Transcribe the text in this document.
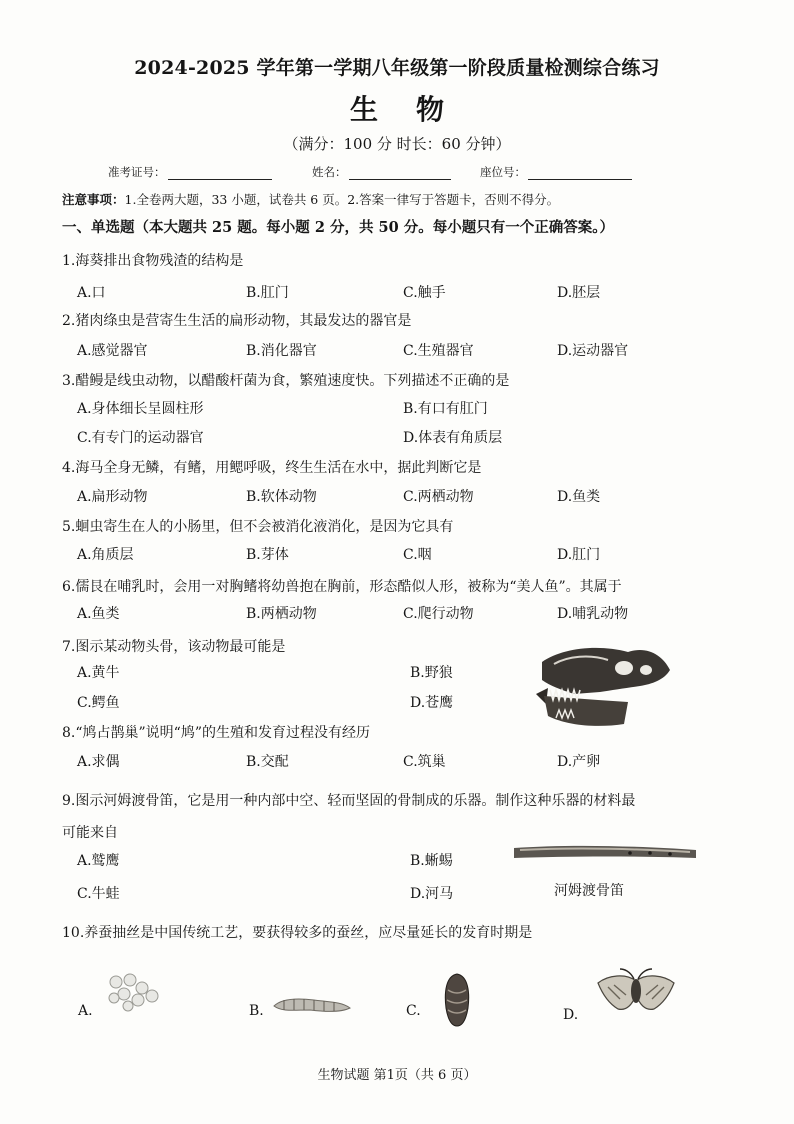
2024-2025 学年第一学期八年级第一阶段质量检测综合练习
生物
（满分：100 分 时长：60 分钟）
准考证号：	姓名：	座位号：
注意事项：1.全卷两大题，33 小题，试卷共 6 页。2.答案一律写于答题卡，否则不得分。
一、单选题（本大题共 25 题。每小题 2 分，共 50 分。每小题只有一个正确答案。）
1.海葵排出食物残渣的结构是
A.口	B.肛门	C.触手	D.胚层
2.猪肉绦虫是营寄生生活的扁形动物，其最发达的器官是
A.感觉器官	B.消化器官	C.生殖器官	D.运动器官
3.醋鳗是线虫动物，以醋酸杆菌为食，繁殖速度快。下列描述不正确的是
A.身体细长呈圆柱形	B.有口有肛门
C.有专门的运动器官	D.体表有角质层
4.海马全身无鳞，有鳍，用鳃呼吸，终生生活在水中，据此判断它是
A.扁形动物	B.软体动物	C.两栖动物	D.鱼类
5.蛔虫寄生在人的小肠里，但不会被消化液消化，是因为它具有
A.角质层	B.芽体	C.咽	D.肛门
6.儒艮在哺乳时，会用一对胸鳍将幼兽抱在胸前，形态酷似人形，被称为“美人鱼”。其属于
A.鱼类	B.两栖动物	C.爬行动物	D.哺乳动物
7.图示某动物头骨，该动物最可能是
A.黄牛	B.野狼
C.鳄鱼	D.苍鹰
8.“鸠占鹊巢”说明“鸠”的生殖和发育过程没有经历
A.求偶	B.交配	C.筑巢	D.产卵
9.图示河姆渡骨笛，它是用一种内部中空、轻而坚固的骨制成的乐器。制作这种乐器的材料最
可能来自
A.鹫鹰	B.蜥蜴
C.牛蛙	D.河马	河姆渡骨笛
10.养蚕抽丝是中国传统工艺，要获得较多的蚕丝，应尽量延长的发育时期是
A.	B.	C.	D.
生物试题 第1页（共 6 页）
